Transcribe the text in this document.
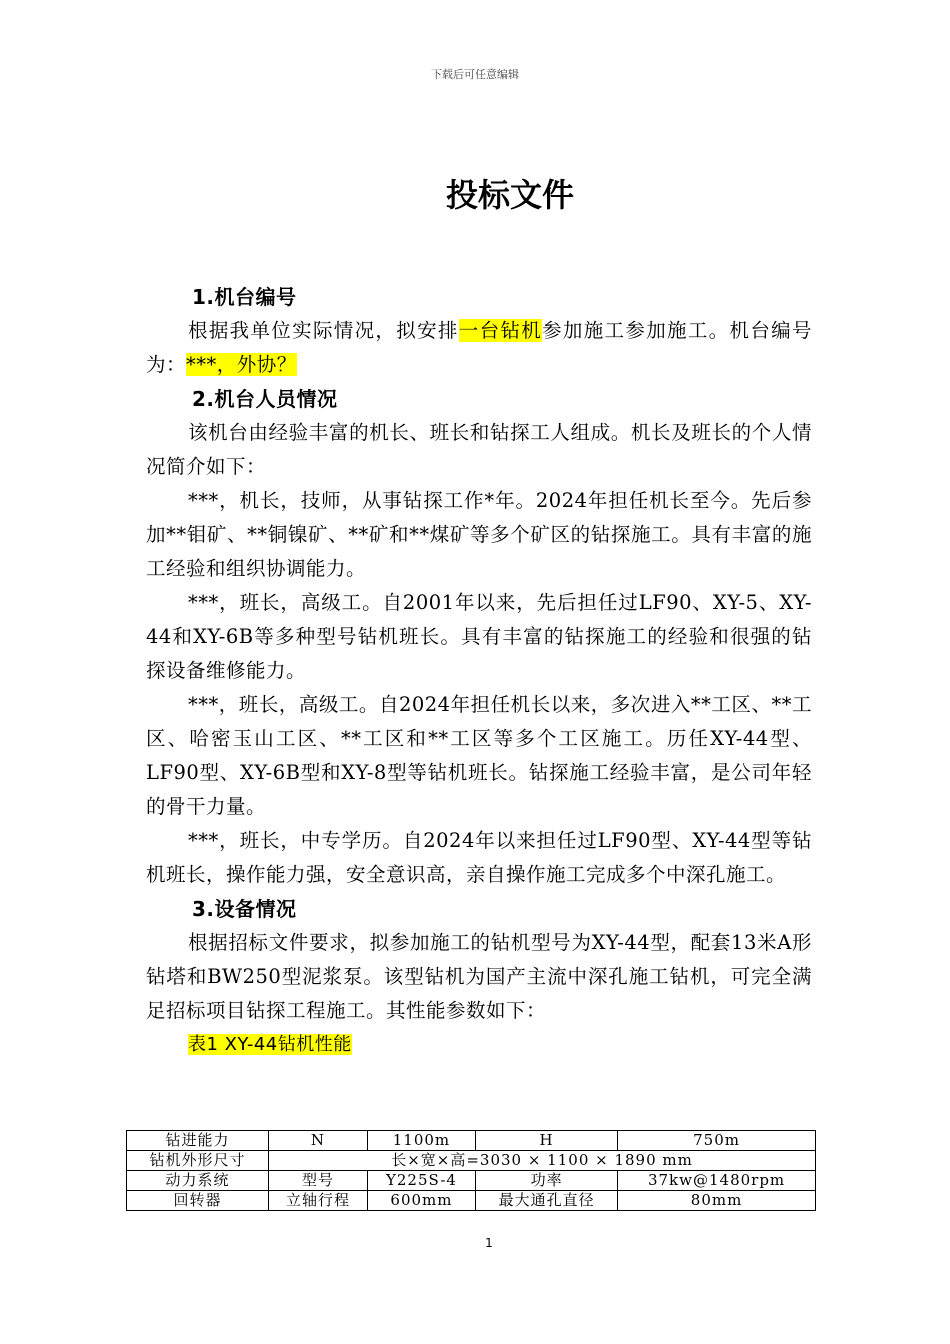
下载后可任意编辑
投标文件

1.机台编号

根据我单位实际情况，拟安排一台钻机参加施工参加施工。机台编号为：***，外协？

2.机台人员情况

该机台由经验丰富的机长、班长和钻探工人组成。机长及班长的个人情况简介如下：

***，机长，技师，从事钻探工作*年。2024年担任机长至今。先后参加**钼矿、**铜镍矿、**矿和**煤矿等多个矿区的钻探施工。具有丰富的施工经验和组织协调能力。

***，班长，高级工。自2001年以来，先后担任过LF90、XY-5、XY-44和XY-6B等多种型号钻机班长。具有丰富的钻探施工的经验和很强的钻探设备维修能力。

***，班长，高级工。自2024年担任机长以来，多次进入**工区、**工区、哈密玉山工区、**工区和**工区等多个工区施工。历任XY-44型、LF90型、XY-6B型和XY-8型等钻机班长。钻探施工经验丰富，是公司年轻的骨干力量。

***，班长，中专学历。自2024年以来担任过LF90型、XY-44型等钻机班长，操作能力强，安全意识高，亲自操作施工完成多个中深孔施工。

3.设备情况

根据招标文件要求，拟参加施工的钻机型号为XY-44型，配套13米A形钻塔和BW250型泥浆泵。该型钻机为国产主流中深孔施工钻机，可完全满足招标项目钻探工程施工。其性能参数如下：

表1 XY-44钻机性能

钻进能力	N	1100m	H	750m
钻机外形尺寸	长×宽×高=3030 × 1100 × 1890 mm			
动力系统	型号	Y225S-4	功率	37kw@1480rpm
回转器	立轴行程	600mm	最大通孔直径	80mm
1
